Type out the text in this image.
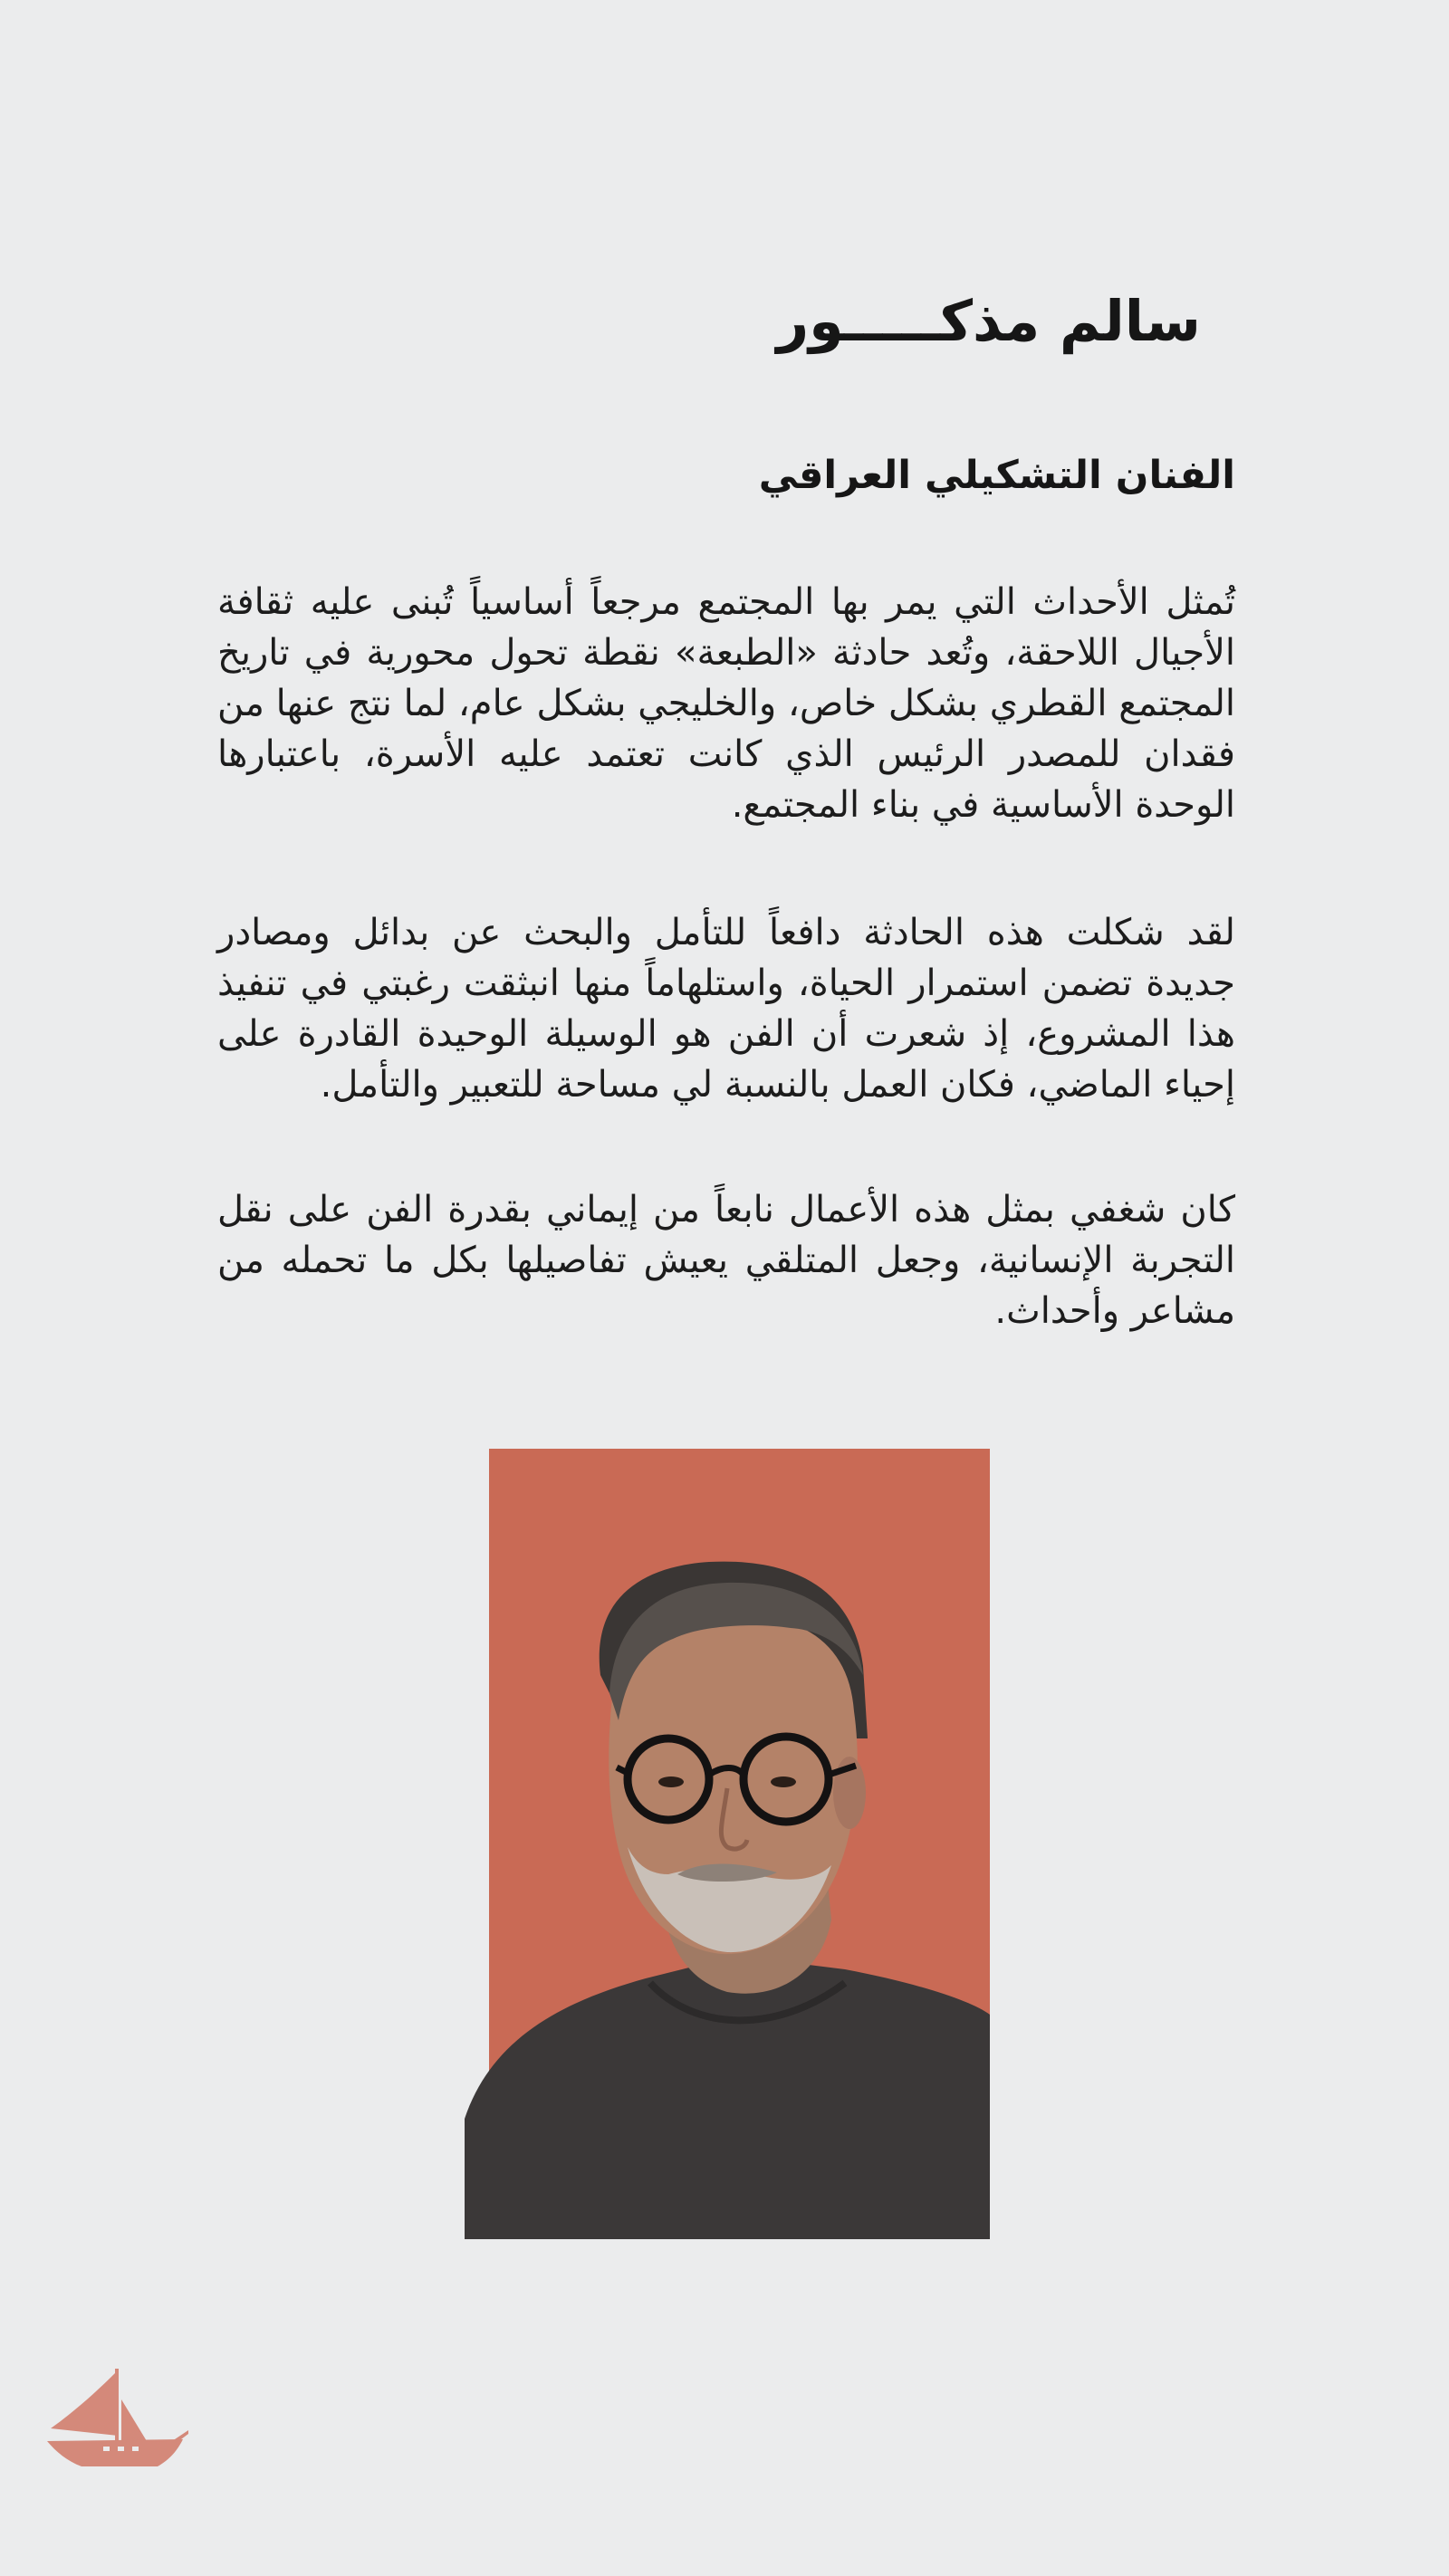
سالم مذكـــــور
الفنان التشكيلي العراقي

تُمثل الأحداث التي يمر بها المجتمع مرجعاً أساسياً تُبنى عليه ثقافة الأجيال اللاحقة، وتُعد حادثة «الطبعة» نقطة تحول محورية في تاريخ المجتمع القطري بشكل خاص، والخليجي بشكل عام، لما نتج عنها من فقدان للمصدر الرئيس الذي كانت تعتمد عليه الأسرة، باعتبارها الوحدة الأساسية في بناء المجتمع.

لقد شكلت هذه الحادثة دافعاً للتأمل والبحث عن بدائل ومصادر جديدة تضمن استمرار الحياة، واستلهاماً منها انبثقت رغبتي في تنفيذ هذا المشروع، إذ شعرت أن الفن هو الوسيلة الوحيدة القادرة على إحياء الماضي، فكان العمل بالنسبة لي مساحة للتعبير والتأمل.

كان شغفي بمثل هذه الأعمال نابعاً من إيماني بقدرة الفن على نقل التجربة الإنسانية، وجعل المتلقي يعيش تفاصيلها بكل ما تحمله من مشاعر وأحداث.
